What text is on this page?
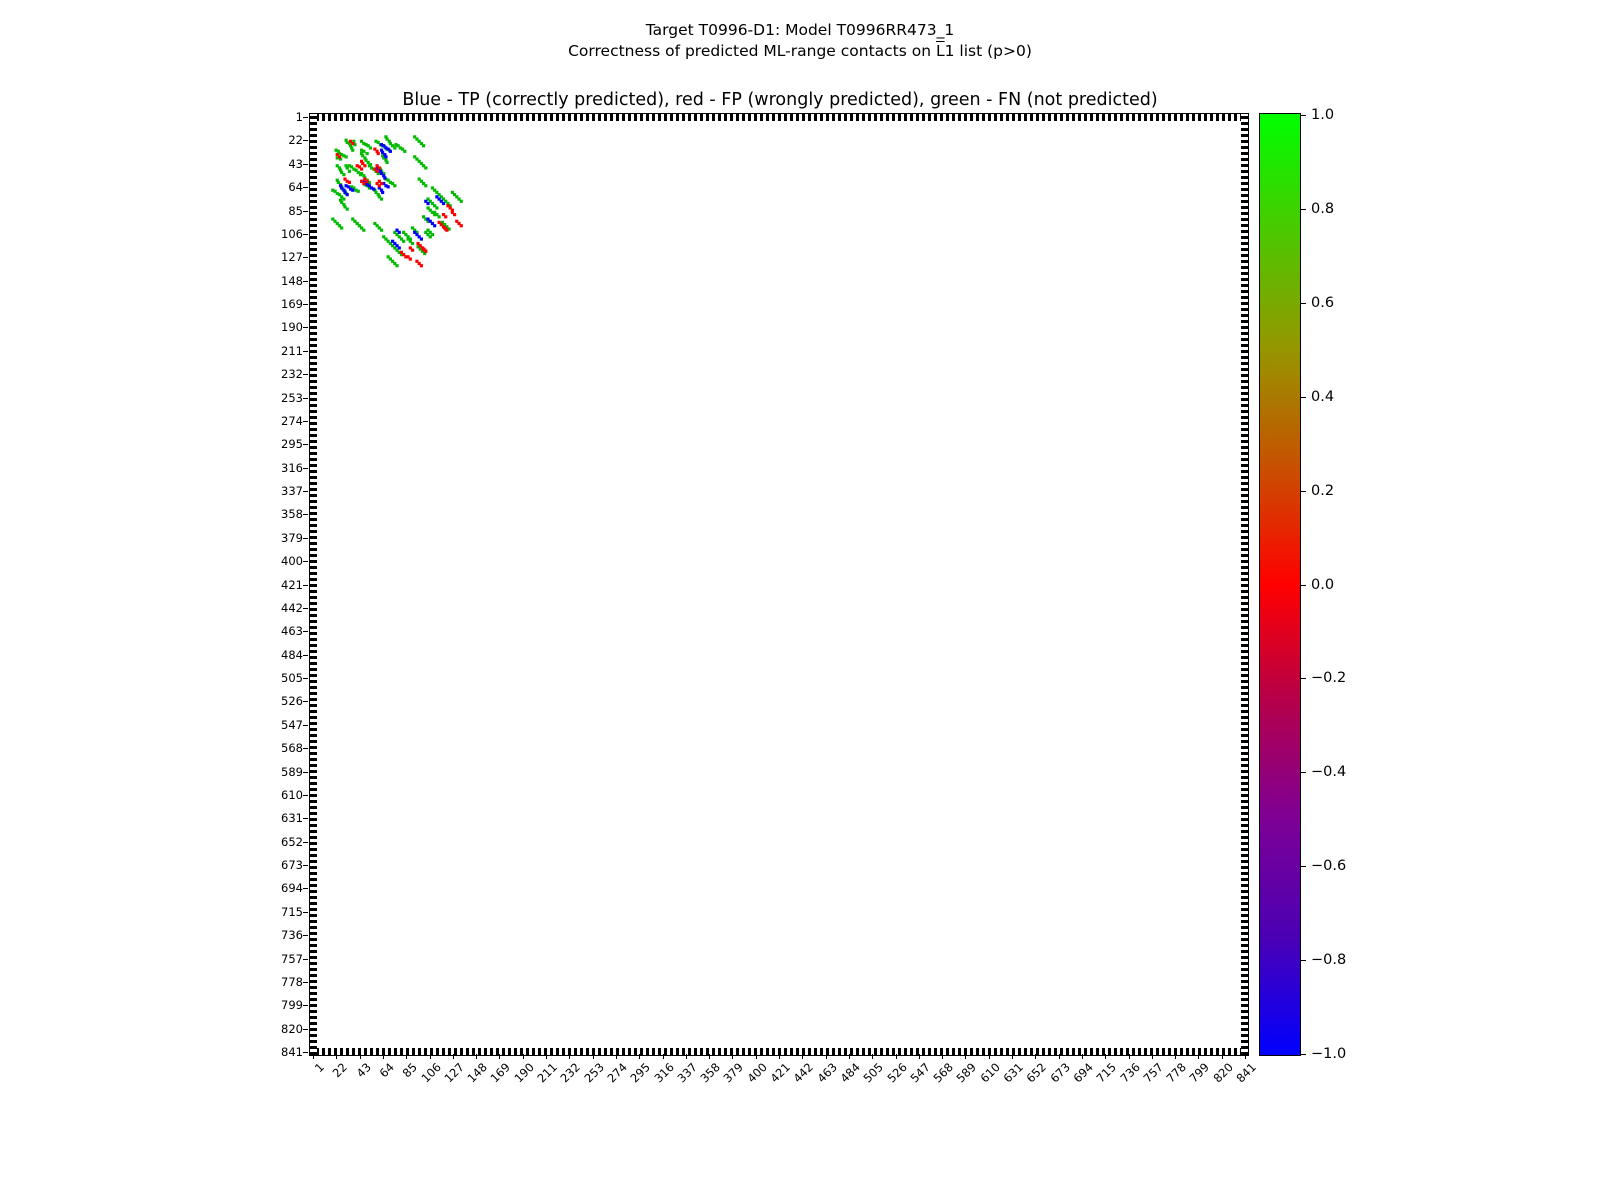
Target T0996-D1: Model T0996RR473_1
Correctness of predicted ML-range contacts on $\overline{L}1$ list (p>0)
Blue - TP (correctly predicted), red - FP (wrongly predicted), green - FN (not predicted)
1
22
43
64
85
106
127
148
169
190
211
232
253
274
295
316
337
358
379
400
421
442
463
484
505
526
547
568
589
610
631
652
673
694
715
736
757
778
799
820
841
1 22 43 64 85
106
127
148
169
190
211
232
253
274
295
316
337
358
379
400
421
442
463
484
505
526
547
568
589
610
631
652
673
694
715
736
757
778
799
820
841
1.0
0.8
0.6
0.4
0.2
0.0
−0.2
−0.4
−0.6
−0.8
−1.0
